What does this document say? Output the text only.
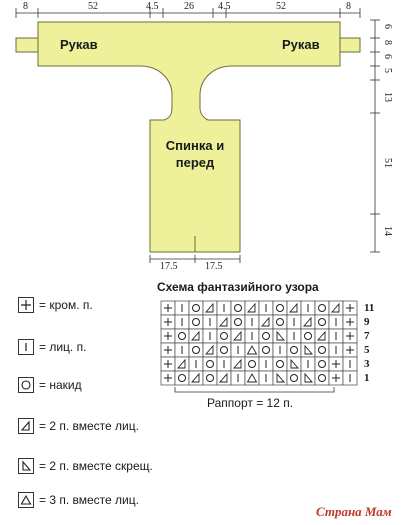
8	52	4.5	26 4.5	52	8
6
8
6
5
13
51
14
17.5	17.5
Рукав	Рукав
Спинка и перед
= кром. п.
= лиц. п.
= накид
= 2 п. вместе лиц.
= 2 п. вместе скрещ.
= 3 п. вместе лиц.
Схема фантазийного узора
11
9
7
5
3
1
Раппорт = 12 п.
Страна Мам
